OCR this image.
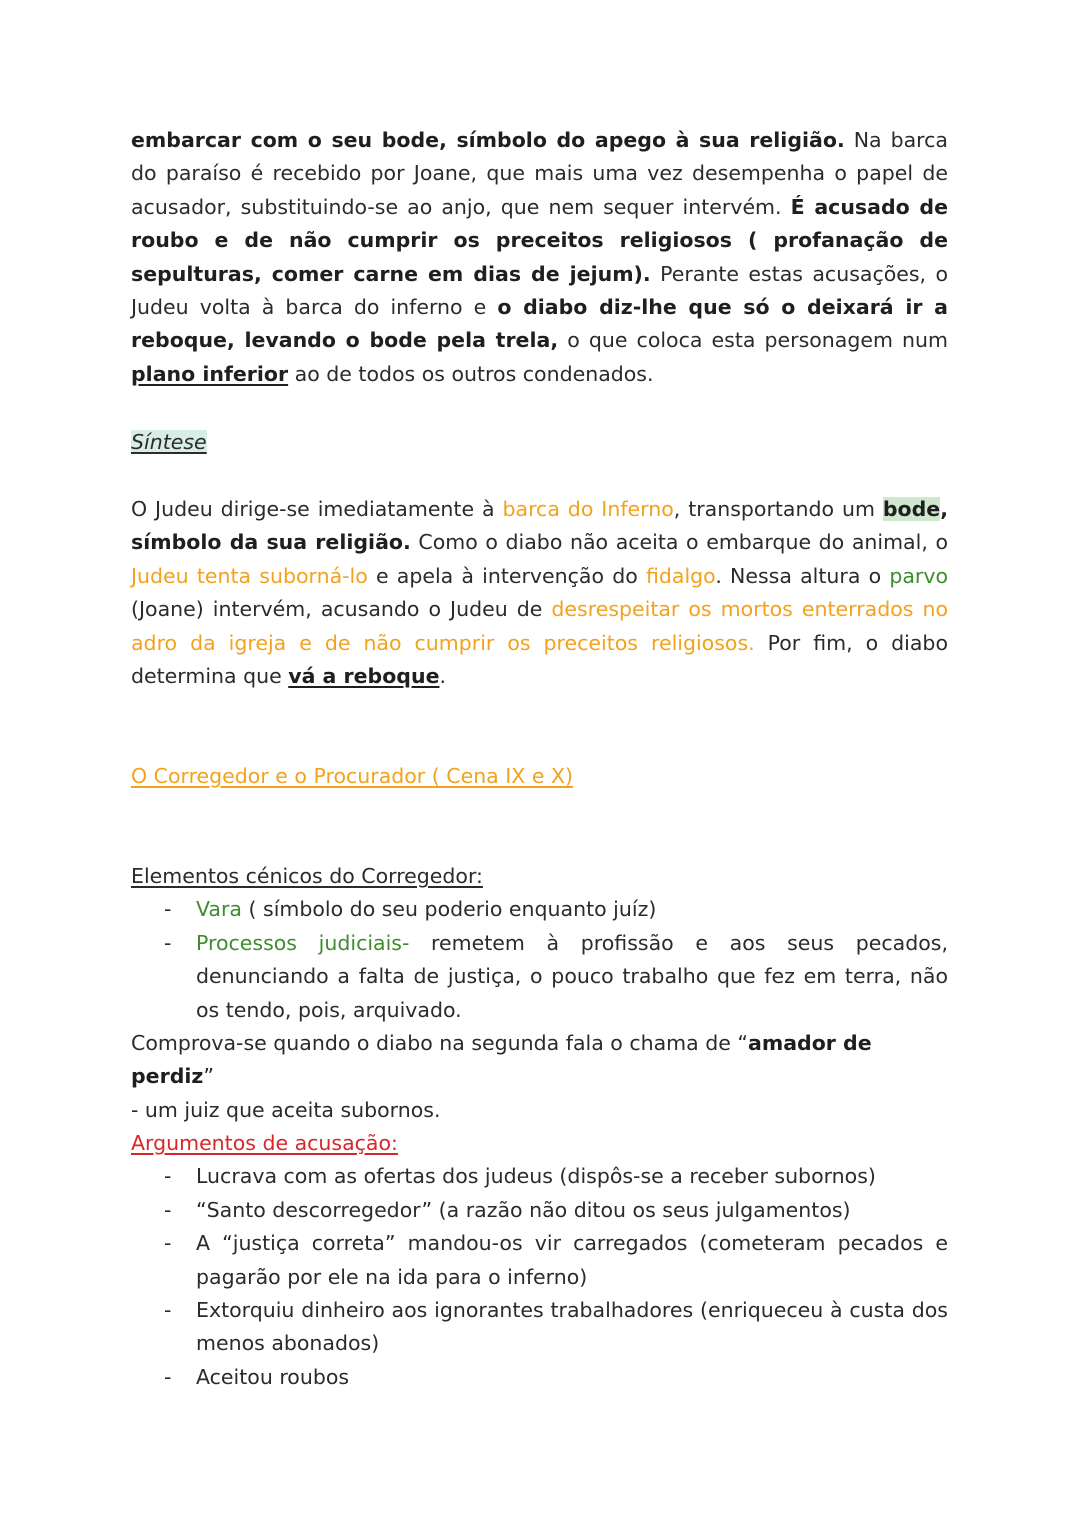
embarcar com o seu bode, símbolo do apego à sua religião. Na barca do paraíso é recebido por Joane, que mais uma vez desempenha o papel de acusador, substituindo-se ao anjo, que nem sequer intervém. É acusado de roubo e de não cumprir os preceitos religiosos ( profanação de sepulturas, comer carne em dias de jejum). Perante estas acusações, o Judeu volta à barca do inferno e o diabo diz-lhe que só o deixará ir a reboque, levando o bode pela trela, o que coloca esta personagem num plano inferior ao de todos os outros condenados.
Síntese
O Judeu dirige-se imediatamente à barca do Inferno, transportando um bode, símbolo da sua religião. Como o diabo não aceita o embarque do animal, o Judeu tenta suborná-lo e apela à intervenção do fidalgo. Nessa altura o parvo (Joane) intervém, acusando o Judeu de desrespeitar os mortos enterrados no adro da igreja e de não cumprir os preceitos religiosos. Por fim, o diabo determina que vá a reboque.
O Corregedor e o Procurador ( Cena IX e X)
Elementos cénicos do Corregedor:
- Vara ( símbolo do seu poderio enquanto juíz)
- Processos judiciais- remetem à profissão e aos seus pecados, denunciando a falta de justiça, o pouco trabalho que fez em terra, não os tendo, pois, arquivado.
Comprova-se quando o diabo na segunda fala o chama de “amador de perdiz”
- um juiz que aceita subornos.
Argumentos de acusação:
- Lucrava com as ofertas dos judeus (dispôs-se a receber subornos)
- “Santo descorregedor” (a razão não ditou os seus julgamentos)
- A “justiça correta” mandou-os vir carregados (cometeram pecados e pagarão por ele na ida para o inferno)
- Extorquiu dinheiro aos ignorantes trabalhadores (enriqueceu à custa dos menos abonados)
- Aceitou roubos
